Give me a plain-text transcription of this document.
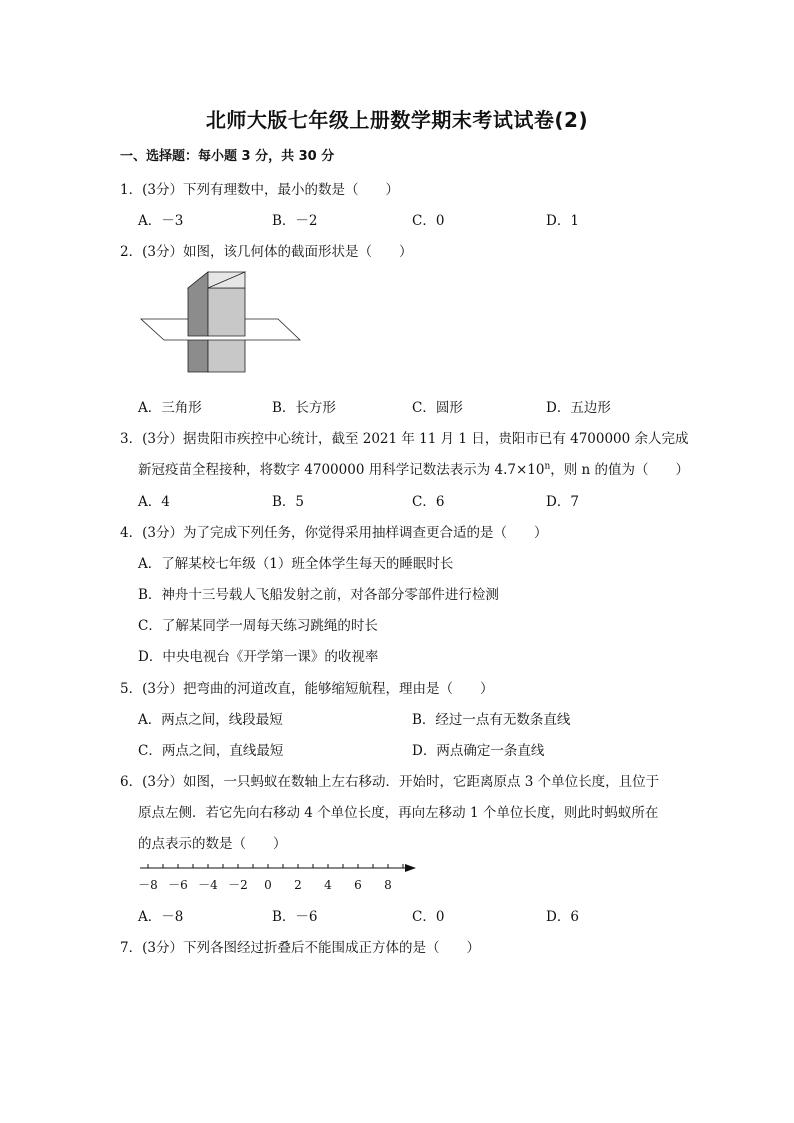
北师大版七年级上册数学期末考试试卷(2)
一、选择题：每小题 3 分，共 30 分
1．(3分）下列有理数中，最小的数是（　　）
A．－3	B．－2	C．0	D．1
2．(3分）如图，该几何体的截面形状是（　　）
A．三角形	B．长方形	C．圆形	D．五边形
3．(3分）据贵阳市疾控中心统计，截至 2021 年 11 月 1 日，贵阳市已有 4700000 余人完成
新冠疫苗全程接种，将数字 4700000 用科学记数法表示为 $4.7\times 10^n$，则 n 的值为（　　）
A．4	B．5	C．6	D．7
4．(3分）为了完成下列任务，你觉得采用抽样调查更合适的是（　　）
A．了解某校七年级（1）班全体学生每天的睡眠时长
B．神舟十三号载人飞船发射之前，对各部分零部件进行检测
C．了解某同学一周每天练习跳绳的时长
D．中央电视台《开学第一课》的收视率
5．(3分）把弯曲的河道改直，能够缩短航程，理由是（　　）
A．两点之间，线段最短	B．经过一点有无数条直线
C．两点之间，直线最短	D．两点确定一条直线
6．(3分）如图，一只蚂蚁在数轴上左右移动．开始时，它距离原点 3 个单位长度，且位于
原点左侧．若它先向右移动 4 个单位长度，再向左移动 1 个单位长度，则此时蚂蚁所在
的点表示的数是（　　）
－8 －6 －4 －2 0 2 4 6 8
A．－8	B．－6	C．0	D．6
7．(3分）下列各图经过折叠后不能围成正方体的是（　　）
